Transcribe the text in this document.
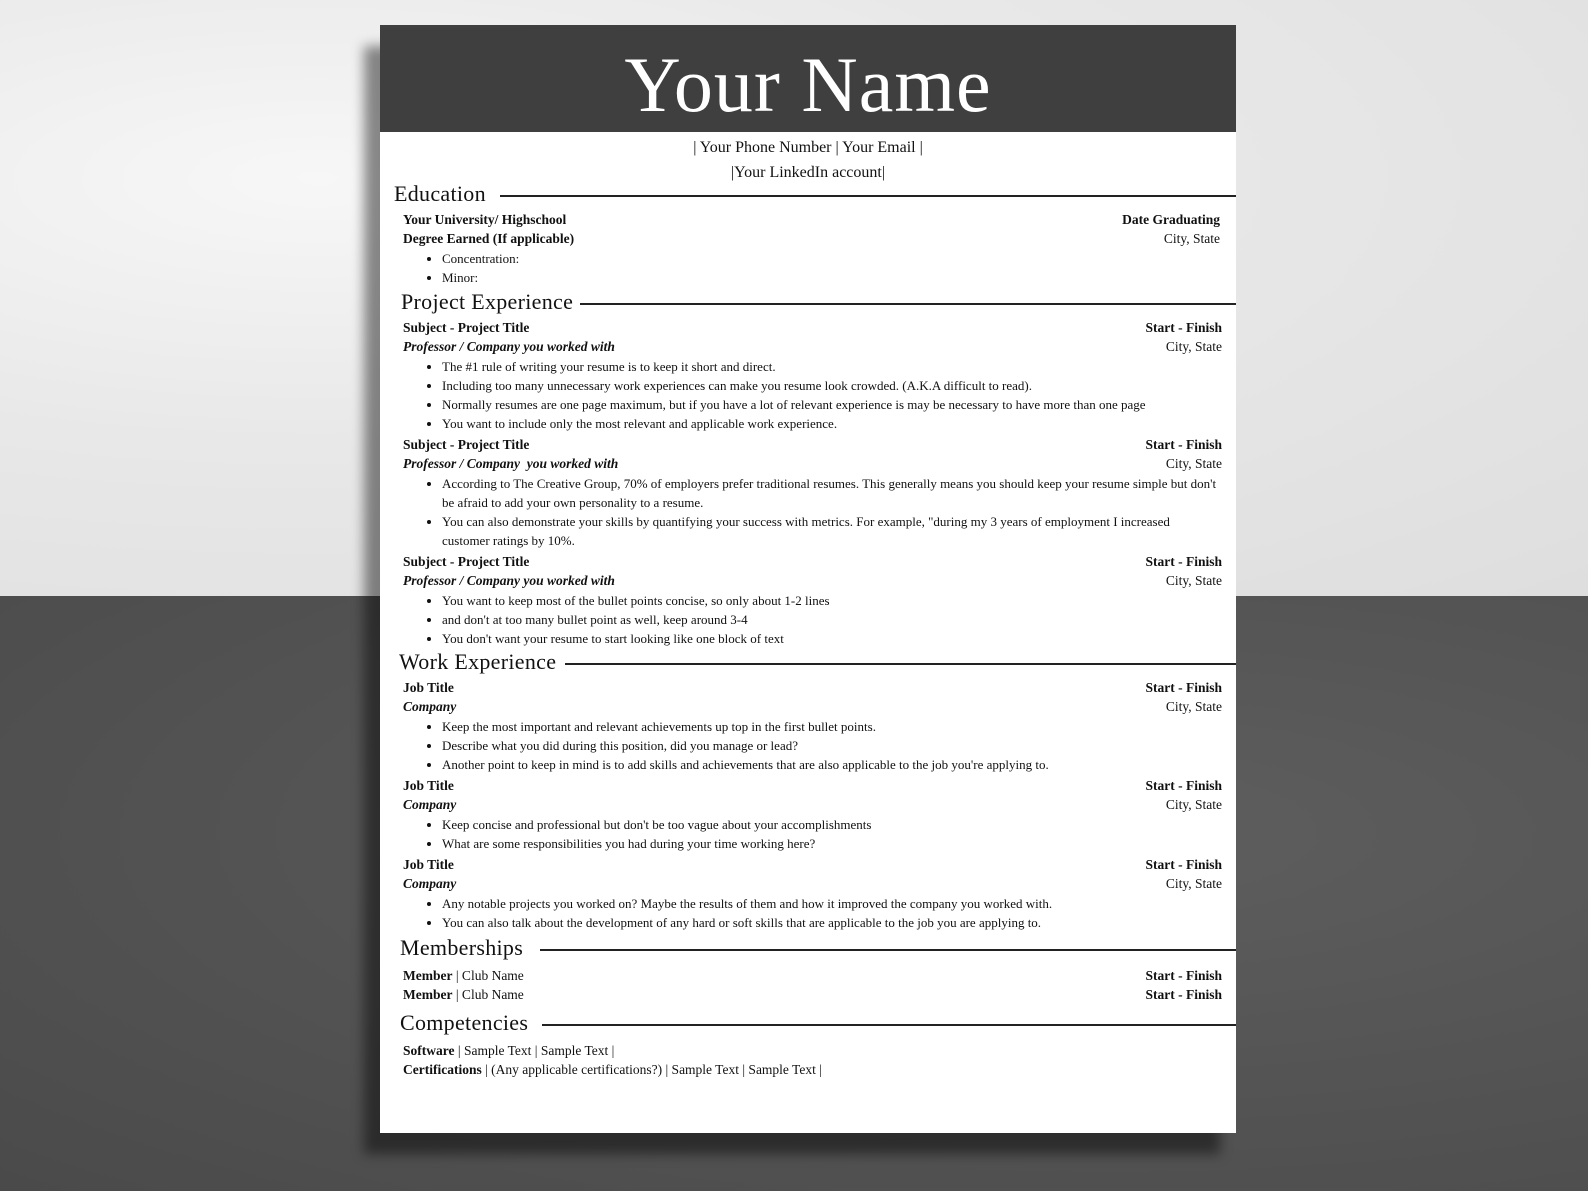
Your Name
| Your Phone Number | Your Email |
|Your LinkedIn account|
Education
Your University/ Highschool	Date Graduating
Degree Earned (If applicable)	City, State
• Concentration:
• Minor:
Project Experience
Subject - Project Title	Start - Finish
Professor / Company you worked with	City, State
• The #1 rule of writing your resume is to keep it short and direct.
• Including too many unnecessary work experiences can make you resume look crowded. (A.K.A difficult to read).
• Normally resumes are one page maximum, but if you have a lot of relevant experience is may be necessary to have more than one page
• You want to include only the most relevant and applicable work experience.
Subject - Project Title	Start - Finish
Professor / Company  you worked with	City, State
• According to The Creative Group, 70% of employers prefer traditional resumes. This generally means you should keep your resume simple but don't be afraid to add your own personality to a resume.
• You can also demonstrate your skills by quantifying your success with metrics. For example, "during my 3 years of employment I increased customer ratings by 10%.
Subject - Project Title	Start - Finish
Professor / Company you worked with	City, State
• You want to keep most of the bullet points concise, so only about 1-2 lines
• and don't at too many bullet point as well, keep around 3-4
• You don't want your resume to start looking like one block of text
Work Experience
Job Title	Start - Finish
Company	City, State
• Keep the most important and relevant achievements up top in the first bullet points.
• Describe what you did during this position, did you manage or lead?
• Another point to keep in mind is to add skills and achievements that are also applicable to the job you're applying to.
Job Title	Start - Finish
Company	City, State
• Keep concise and professional but don't be too vague about your accomplishments
• What are some responsibilities you had during your time working here?
Job Title	Start - Finish
Company	City, State
• Any notable projects you worked on? Maybe the results of them and how it improved the company you worked with.
• You can also talk about the development of any hard or soft skills that are applicable to the job you are applying to.
Memberships
Member | Club Name	Start - Finish
Member | Club Name	Start - Finish
Competencies
Software | Sample Text | Sample Text |
Certifications | (Any applicable certifications?) | Sample Text | Sample Text |
